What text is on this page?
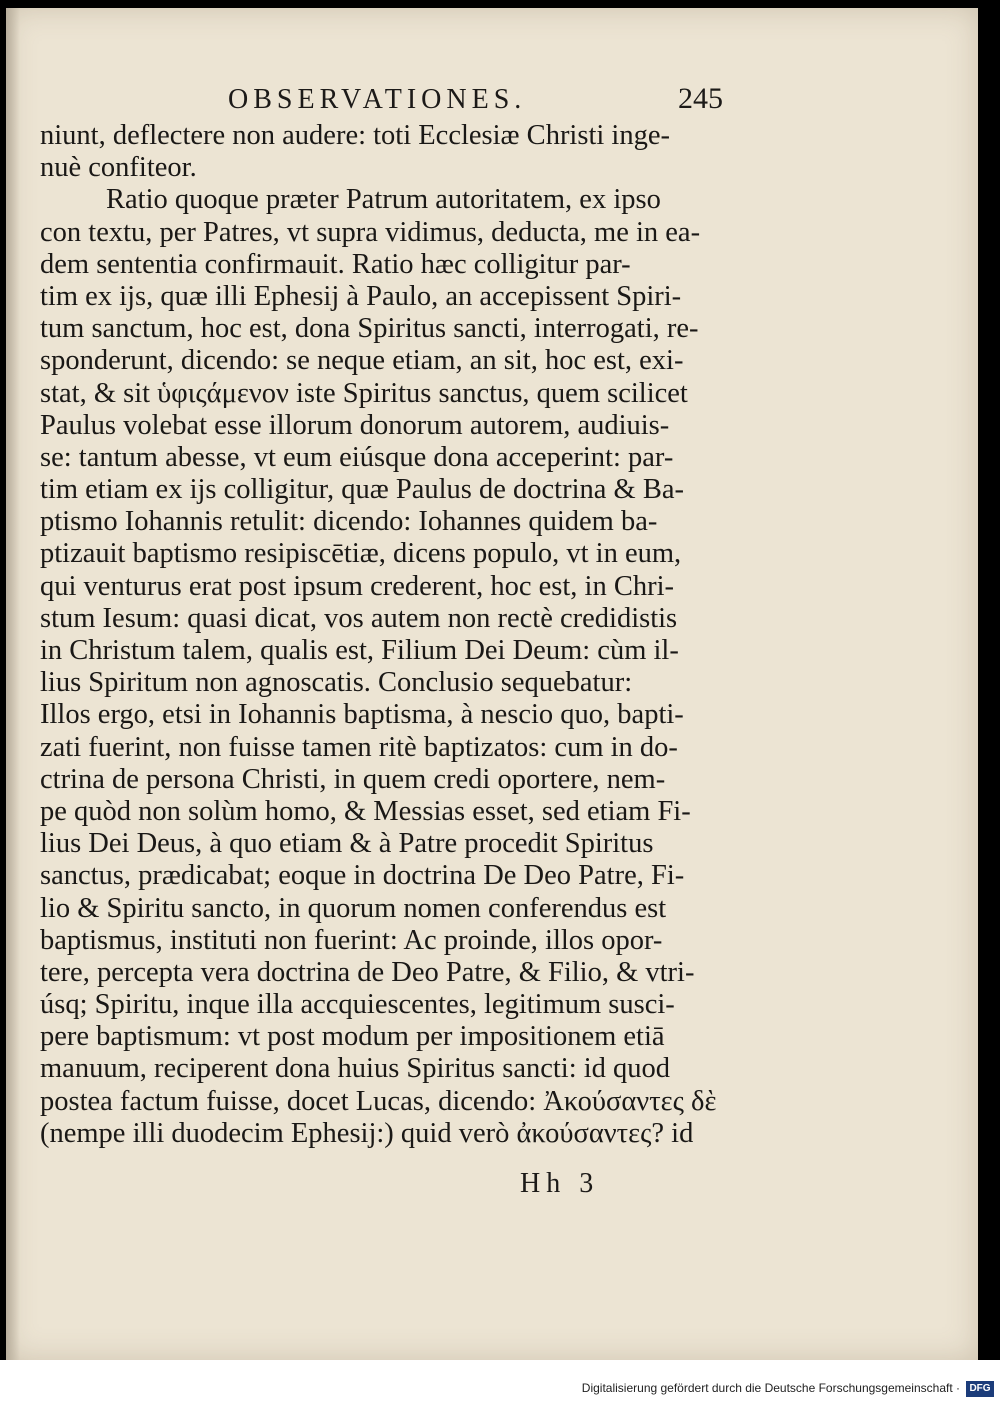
OBSERVATIONES.	245
niunt, deflectere non audere: toti Ecclesiæ Christi inge-
nuè confiteor.
Ratio quoque præter Patrum autoritatem, ex ipso
con textu, per Patres, vt supra vidimus, deducta, me in ea-
dem sententia confirmauit. Ratio hæc colligitur par-
tim ex ijs, quæ illi Ephesij à Paulo, an accepissent Spiri-
tum sanctum, hoc est, dona Spiritus sancti, interrogati, re-
sponderunt, dicendo: se neque etiam, an sit, hoc est, exi-
stat, & sit ὑφιςάμενον iste Spiritus sanctus, quem scilicet
Paulus volebat esse illorum donorum autorem, audiuis-
se: tantum abesse, vt eum eiúsque dona acceperint: par-
tim etiam ex ijs colligitur, quæ Paulus de doctrina & Ba-
ptismo Iohannis retulit: dicendo: Iohannes quidem ba-
ptizauit baptismo resipiscētiæ, dicens populo, vt in eum,
qui venturus erat post ipsum crederent, hoc est, in Chri-
stum Iesum: quasi dicat, vos autem non rectè credidistis
in Christum talem, qualis est, Filium Dei Deum: cùm il-
lius Spiritum non agnoscatis. Conclusio sequebatur:
Illos ergo, etsi in Iohannis baptisma, à nescio quo, bapti-
zati fuerint, non fuisse tamen ritè baptizatos: cum in do-
ctrina de persona Christi, in quem credi oportere, nem-
pe quòd non solùm homo, & Messias esset, sed etiam Fi-
lius Dei Deus, à quo etiam & à Patre procedit Spiritus
sanctus, prædicabat; eoque in doctrina De Deo Patre, Fi-
lio & Spiritu sancto, in quorum nomen conferendus est
baptismus, instituti non fuerint: Ac proinde, illos opor-
tere, percepta vera doctrina de Deo Patre, & Filio, & vtri-
úsq; Spiritu, inque illa accquiescentes, legitimum susci-
pere baptismum: vt post modum per impositionem etiā
manuum, reciperent dona huius Spiritus sancti: id quod
postea factum fuisse, docet Lucas, dicendo: Ἀκούσαντες δὲ
(nempe illi duodecim Ephesij:) quid verò ἀκούσαντες? id
Hh 3
Digitalisierung gefördert durch die Deutsche Forschungsgemeinschaft · DFG
